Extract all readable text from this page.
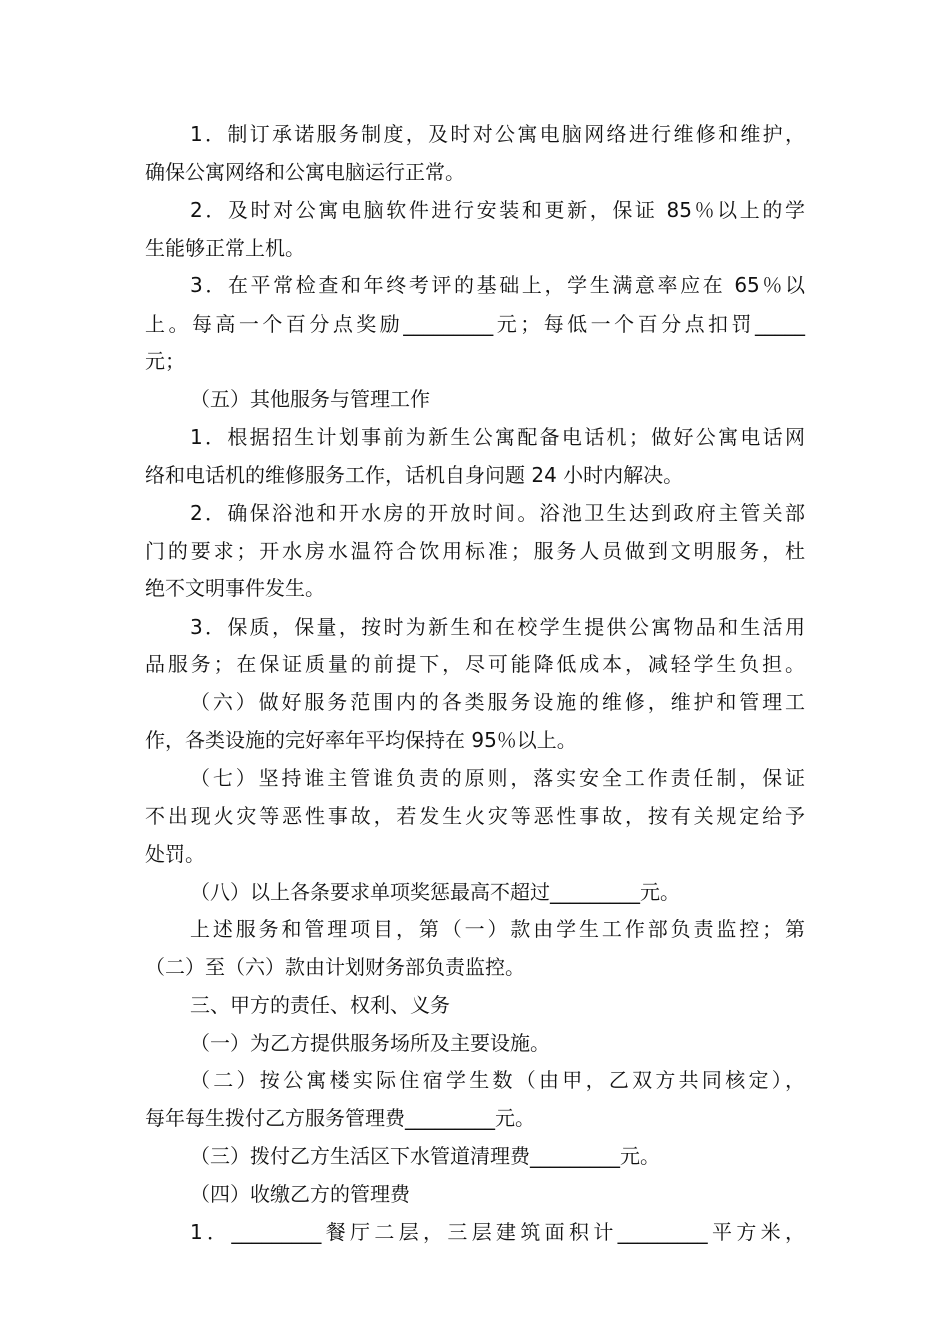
1．制订承诺服务制度，及时对公寓电脑网络进行维修和维护，
确保公寓网络和公寓电脑运行正常。
2．及时对公寓电脑软件进行安装和更新，保证 85％以上的学
生能够正常上机。
3．在平常检查和年终考评的基础上，学生满意率应在 65％以
上。每高一个百分点奖励_________元；每低一个百分点扣罚_____
元；
（五）其他服务与管理工作
1．根据招生计划事前为新生公寓配备电话机；做好公寓电话网
络和电话机的维修服务工作，话机自身问题 24 小时内解决。
2．确保浴池和开水房的开放时间。浴池卫生达到政府主管关部
门的要求；开水房水温符合饮用标准；服务人员做到文明服务，杜
绝不文明事件发生。
3．保质，保量，按时为新生和在校学生提供公寓物品和生活用
品服务；在保证质量的前提下，尽可能降低成本，减轻学生负担。
（六）做好服务范围内的各类服务设施的维修，维护和管理工
作，各类设施的完好率年平均保持在 95％以上。
（七）坚持谁主管谁负责的原则，落实安全工作责任制，保证
不出现火灾等恶性事故，若发生火灾等恶性事故，按有关规定给予
处罚。
（八）以上各条要求单项奖惩最高不超过_________元。
上述服务和管理项目，第（一）款由学生工作部负责监控；第
（二）至（六）款由计划财务部负责监控。
三、甲方的责任、权利、义务
（一）为乙方提供服务场所及主要设施。
（二）按公寓楼实际住宿学生数（由甲，乙双方共同核定），
每年每生拨付乙方服务管理费_________元。
（三）拨付乙方生活区下水管道清理费_________元。
（四）收缴乙方的管理费
1．_________餐厅二层，三层建筑面积计_________平方米，
